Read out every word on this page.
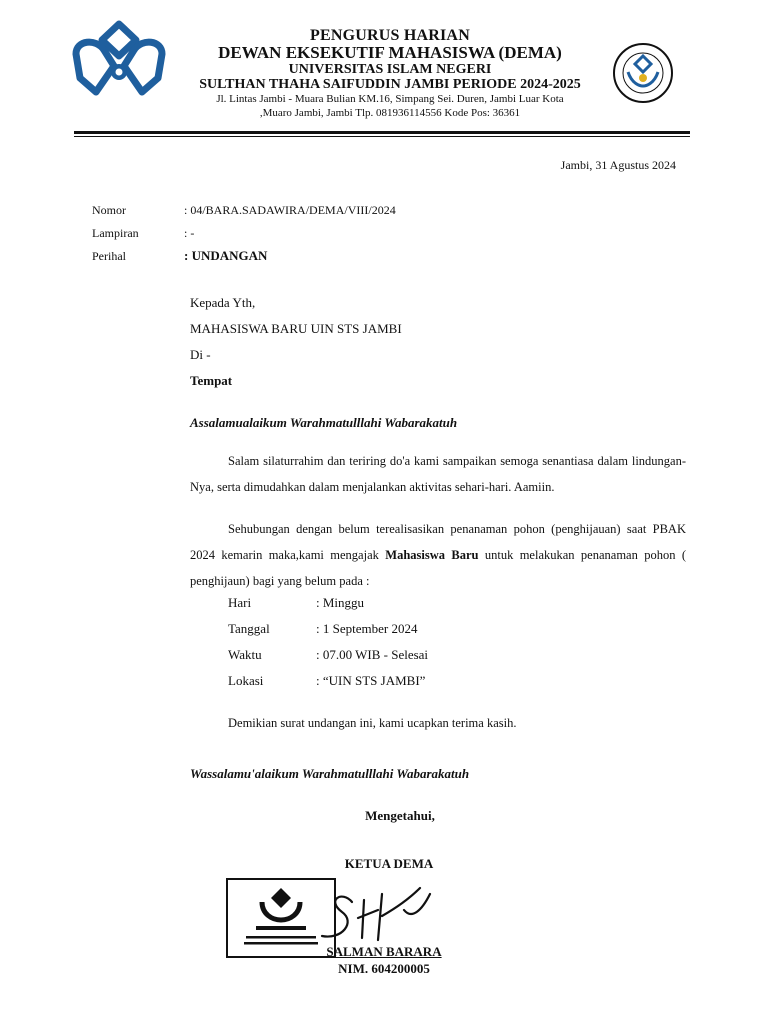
PENGURUS HARIAN
DEWAN EKSEKUTIF MAHASISWA (DEMA)
UNIVERSITAS ISLAM NEGERI
SULTHAN THAHA SAIFUDDIN JAMBI PERIODE 2024-2025
Jl. Lintas Jambi - Muara Bulian KM.16, Simpang Sei. Duren, Jambi Luar Kota
,Muaro Jambi, Jambi Tlp. 081936114556 Kode Pos: 36361
Jambi, 31 Agustus 2024
Nomor	: 04/BARA.SADAWIRA/DEMA/VIII/2024
Lampiran	: -
Perihal	: UNDANGAN
Kepada Yth,
MAHASISWA BARU UIN STS JAMBI
Di -
Tempat
Assalamualaikum Warahmatulllahi Wabarakatuh
Salam silaturrahim dan teriring do'a kami sampaikan semoga senantiasa dalam lindungan-Nya, serta dimudahkan dalam menjalankan aktivitas sehari-hari. Aamiin.
Sehubungan dengan belum terealisasikan penanaman pohon (penghijauan) saat PBAK 2024 kemarin maka,kami mengajak Mahasiswa Baru untuk melakukan penanaman pohon ( penghijaun) bagi yang belum pada :
Hari	: Minggu
Tanggal	: 1 September 2024
Waktu	: 07.00 WIB - Selesai
Lokasi	: “UIN STS JAMBI”
Demikian surat undangan ini, kami ucapkan terima kasih.
Wassalamu'alaikum Warahmatulllahi Wabarakatuh
Mengetahui,
KETUA DEMA
SALMAN BARARA
NIM. 604200005
